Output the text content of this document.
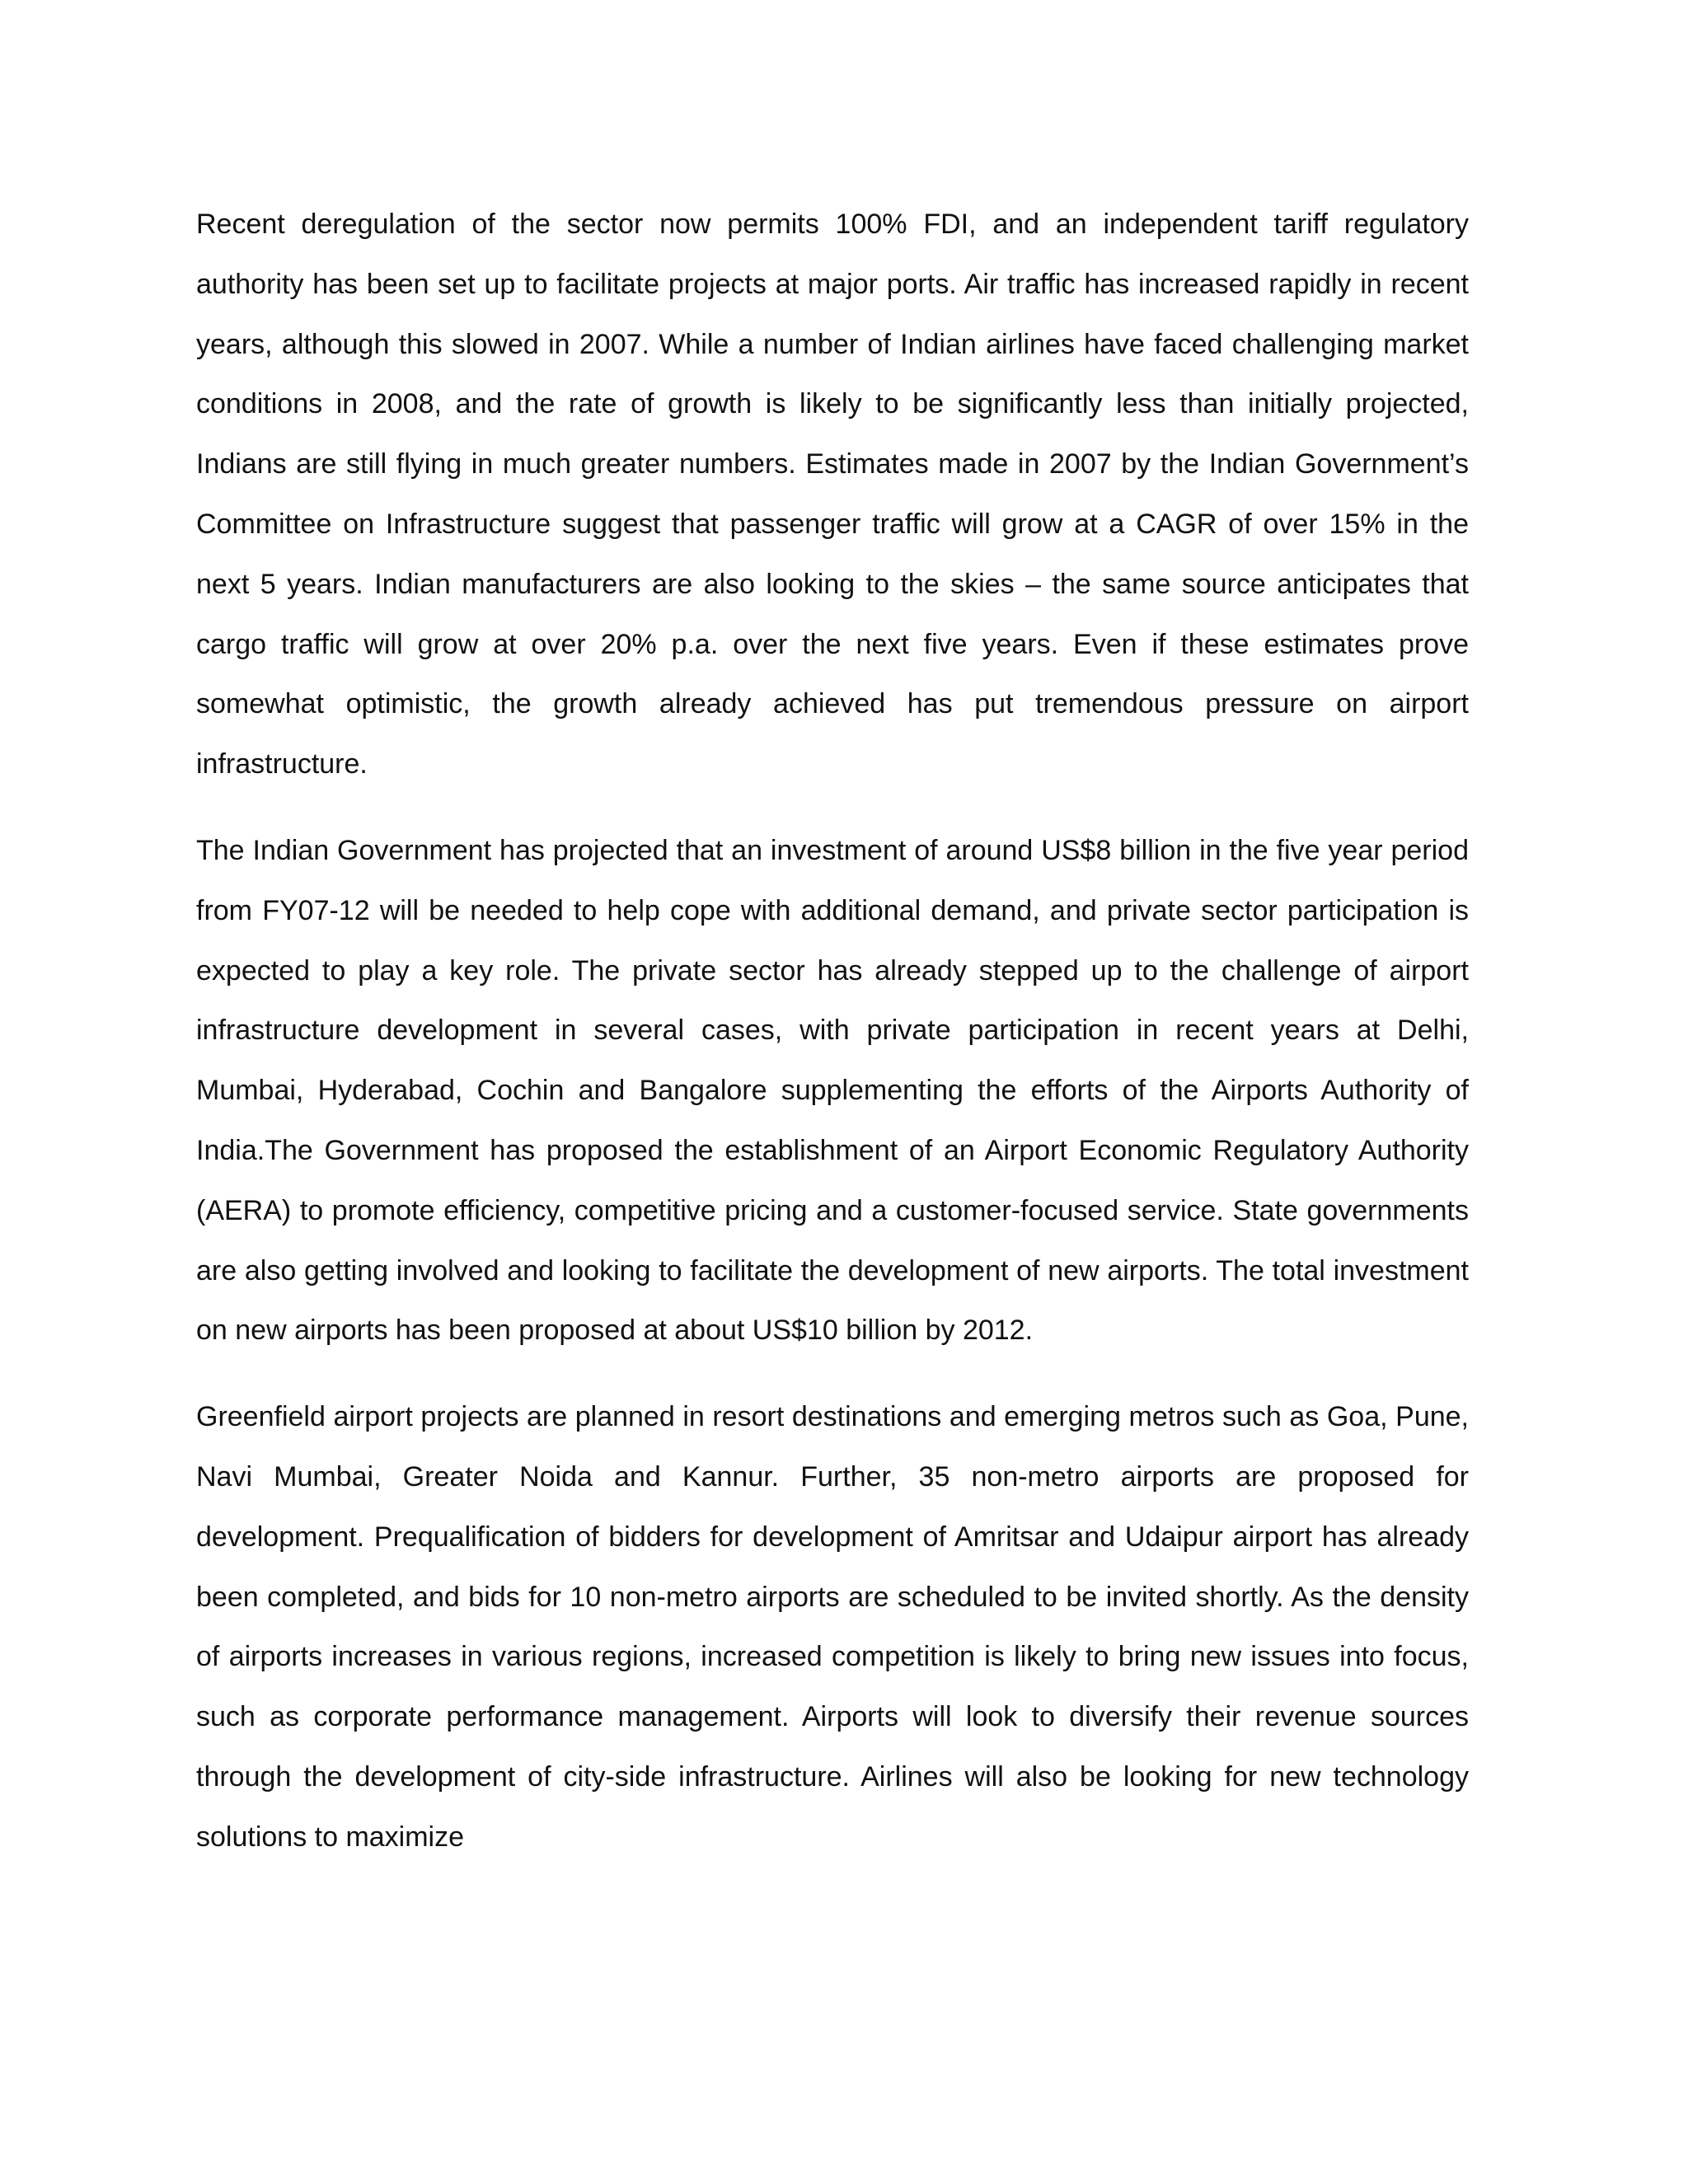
Recent deregulation of the sector now permits 100% FDI, and an independent tariff regulatory authority has been set up to facilitate projects at major ports. Air traffic has increased rapidly in recent years, although this slowed in 2007. While a number of Indian airlines have faced challenging market conditions in 2008, and the rate of growth is likely to be significantly less than initially projected, Indians are still flying in much greater numbers. Estimates made in 2007 by the Indian Government’s Committee on Infrastructure suggest that passenger traffic will grow at a CAGR of over 15% in the next 5 years. Indian manufacturers are also looking to the skies – the same source anticipates that cargo traffic will grow at over 20% p.a. over the next five years. Even if these estimates prove somewhat optimistic, the growth already achieved has put tremendous pressure on airport infrastructure.

The Indian Government has projected that an investment of around US$8 billion in the five year period from FY07-12 will be needed to help cope with additional demand, and private sector participation is expected to play a key role. The private sector has already stepped up to the challenge of airport infrastructure development in several cases, with private participation in recent years at Delhi, Mumbai, Hyderabad, Cochin and Bangalore supplementing the efforts of the Airports Authority of India.The Government has proposed the establishment of an Airport Economic Regulatory Authority (AERA) to promote efficiency, competitive pricing and a customer-focused service. State governments are also getting involved and looking to facilitate the development of new airports. The total investment on new airports has been proposed at about US$10 billion by 2012.

Greenfield airport projects are planned in resort destinations and emerging metros such as Goa, Pune, Navi Mumbai, Greater Noida and Kannur. Further, 35 non-metro airports are proposed for development. Prequalification of bidders for development of Amritsar and Udaipur airport has already been completed, and bids for 10 non-metro airports are scheduled to be invited shortly. As the density of airports increases in various regions, increased competition is likely to bring new issues into focus, such as corporate performance management. Airports will look to diversify their revenue sources through the development of city-side infrastructure. Airlines will also be looking for new technology solutions to maximize
